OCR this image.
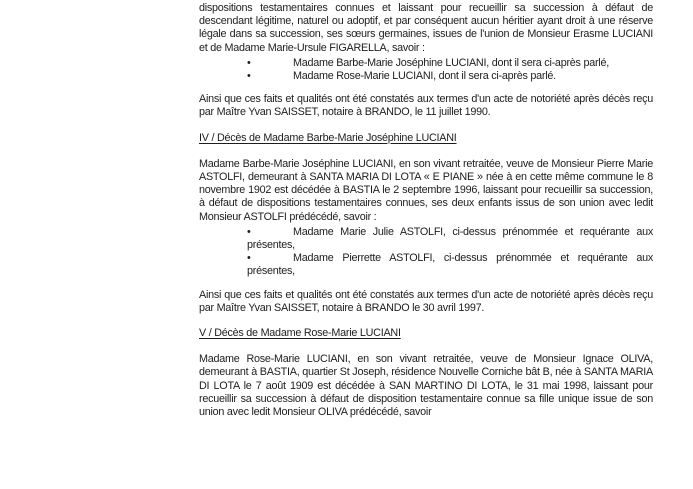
dispositions testamentaires connues et laissant pour recueillir sa succession à défaut de descendant légitime, naturel ou adoptif, et par conséquent aucun héritier ayant droit à une réserve légale dans sa succession, ses sœurs germaines, issues de l'union de Monsieur Erasme LUCIANI et de Madame Marie-Ursule FIGARELLA, savoir :

• Madame Barbe-Marie Joséphine LUCIANI, dont il sera ci-après parlé,
• Madame Rose-Marie LUCIANI, dont il sera ci-après parlé.

Ainsi que ces faits et qualités ont été constatés aux termes d'un acte de notoriété après décès reçu par Maître Yvan SAISSET, notaire à BRANDO, le 11 juillet 1990.

IV / Décès de Madame Barbe-Marie Joséphine LUCIANI

Madame Barbe-Marie Joséphine LUCIANI, en son vivant retraitée, veuve de Monsieur Pierre Marie ASTOLFI, demeurant à SANTA MARIA DI LOTA « E PIANE » née à en cette même commune le 8 novembre 1902 est décédée à BASTIA le 2 septembre 1996, laissant pour recueillir sa succession, à défaut de dispositions testamentaires connues, ses deux enfants issus de son union avec ledit Monsieur ASTOLFI prédécédé, savoir :

• Madame Marie Julie ASTOLFI, ci-dessus prénommée et requérante aux présentes,
• Madame Pierrette ASTOLFI, ci-dessus prénommée et requérante aux présentes,

Ainsi que ces faits et qualités ont été constatés aux termes d'un acte de notoriété après décès reçu par Maître Yvan SAISSET, notaire à BRANDO le 30 avril 1997.

V / Décès de Madame Rose-Marie LUCIANI

Madame Rose-Marie LUCIANI, en son vivant retraitée, veuve de Monsieur Ignace OLIVA, demeurant à BASTIA, quartier St Joseph, résidence Nouvelle Corniche bât B, née à SANTA MARIA DI LOTA le 7 août 1909 est décédée à SAN MARTINO DI LOTA, le 31 mai 1998, laissant pour recueillir sa succession à défaut de disposition testamentaire connue sa fille unique issue de son union avec ledit Monsieur OLIVA prédécédé, savoir
